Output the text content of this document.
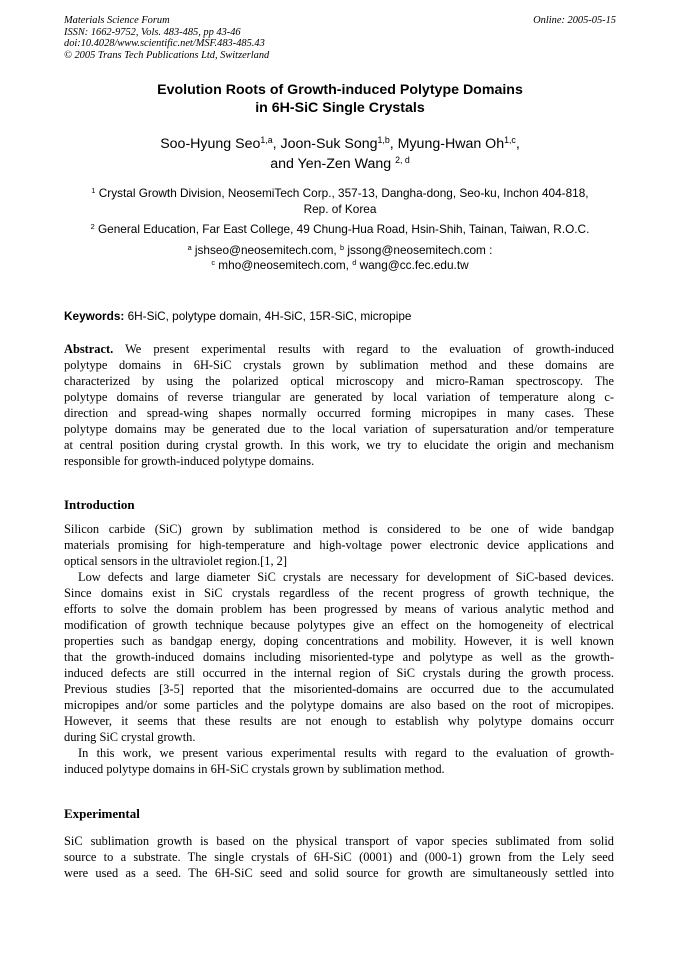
Materials Science Forum
ISSN: 1662-9752, Vols. 483-485, pp 43-46
doi:10.4028/www.scientific.net/MSF.483-485.43
© 2005 Trans Tech Publications Ltd, Switzerland
Online: 2005-05-15
Evolution Roots of Growth-induced Polytype Domains
in 6H-SiC Single Crystals
Soo-Hyung Seo$^{1,a}$, Joon-Suk Song$^{1,b}$, Myung-Hwan Oh$^{1,c}$,
and Yen-Zen Wang $^{2, d}$
$^1$ Crystal Growth Division, NeosemiTech Corp., 357-13, Dangha-dong, Seo-ku, Inchon 404-818,
Rep. of Korea
$^2$ General Education, Far East College, 49 Chung-Hua Road, Hsin-Shih, Tainan, Taiwan, R.O.C.
$^a$ jshseo@neosemitech.com, $^b$ jssong@neosemitech.com :
$^c$ mho@neosemitech.com, $^d$ wang@cc.fec.edu.tw
Keywords: 6H-SiC, polytype domain, 4H-SiC, 15R-SiC, micropipe
Abstract. We present experimental results with regard to the evaluation of growth-induced
polytype domains in 6H-SiC crystals grown by sublimation method and these domains are
characterized by using the polarized optical microscopy and micro-Raman spectroscopy. The
polytype domains of reverse triangular are generated by local variation of temperature along c-
direction and spread-wing shapes normally occurred forming micropipes in many cases. These
polytype domains may be generated due to the local variation of supersaturation and/or temperature
at central position during crystal growth. In this work, we try to elucidate the origin and mechanism
responsible for growth-induced polytype domains.
Introduction
Silicon carbide (SiC) grown by sublimation method is considered to be one of wide bandgap
materials promising for high-temperature and high-voltage power electronic device applications and
optical sensors in the ultraviolet region.[1, 2]
Low defects and large diameter SiC crystals are necessary for development of SiC-based devices.
Since domains exist in SiC crystals regardless of the recent progress of growth technique, the
efforts to solve the domain problem has been progressed by means of various analytic method and
modification of growth technique because polytypes give an effect on the homogeneity of electrical
properties such as bandgap energy, doping concentrations and mobility. However, it is well known
that the growth-induced domains including misoriented-type and polytype as well as the growth-
induced defects are still occurred in the internal region of SiC crystals during the growth process.
Previous studies [3-5] reported that the misoriented-domains are occurred due to the accumulated
micropipes and/or some particles and the polytype domains are also based on the root of micropipes.
However, it seems that these results are not enough to establish why polytype domains occurr
during SiC crystal growth.
In this work, we present various experimental results with regard to the evaluation of growth-
induced polytype domains in 6H-SiC crystals grown by sublimation method.
Experimental
SiC sublimation growth is based on the physical transport of vapor species sublimated from solid
source to a substrate. The single crystals of 6H-SiC (0001) and (000-1) grown from the Lely seed
were used as a seed. The 6H-SiC seed and solid source for growth are simultaneously settled into
